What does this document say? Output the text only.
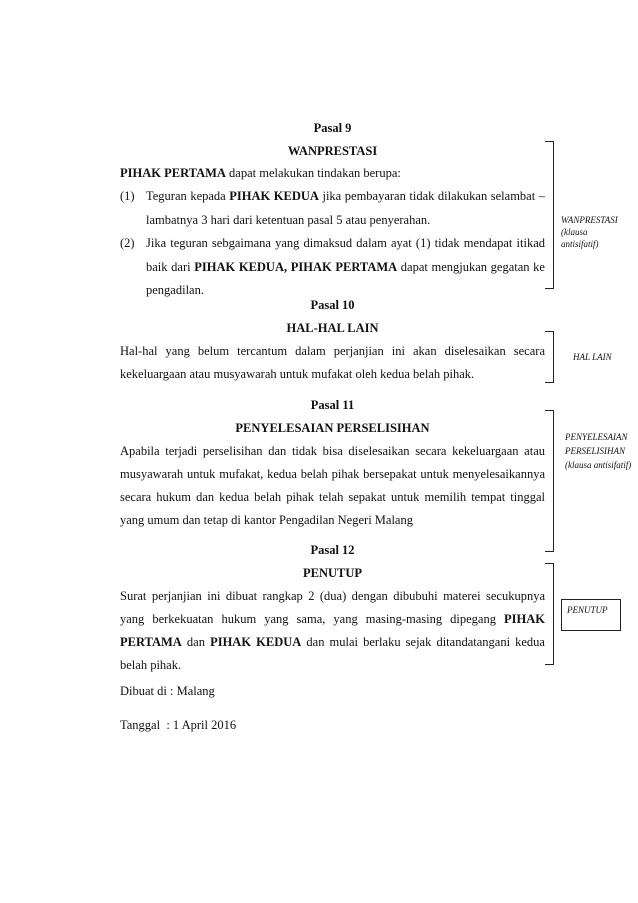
Pasal 9
WANPRESTASI
PIHAK PERTAMA dapat melakukan tindakan berupa:
(1) Teguran kepada PIHAK KEDUA jika pembayaran tidak dilakukan selambat – lambatnya 3 hari dari ketentuan pasal 5 atau penyerahan.
(2) Jika teguran sebgaimana yang dimaksud dalam ayat (1) tidak mendapat itikad baik dari PIHAK KEDUA, PIHAK PERTAMA dapat mengjukan gegatan ke pengadilan.
Pasal 10
HAL-HAL LAIN
Hal-hal yang belum tercantum dalam perjanjian ini akan diselesaikan secara kekeluargaan atau musyawarah untuk mufakat oleh kedua belah pihak.
Pasal 11
PENYELESAIAN PERSELISIHAN
Apabila terjadi perselisihan dan tidak bisa diselesaikan secara kekeluargaan atau musyawarah untuk mufakat, kedua belah pihak bersepakat untuk menyelesaikannya secara hukum dan kedua belah pihak telah sepakat untuk memilih tempat tinggal yang umum dan tetap di kantor Pengadilan Negeri Malang
Pasal 12
PENUTUP
Surat perjanjian ini dibuat rangkap 2 (dua) dengan dibubuhi materei secukupnya yang berkekuatan hukum yang sama, yang masing-masing dipegang PIHAK PERTAMA dan PIHAK KEDUA dan mulai berlaku sejak ditandatangani kedua belah pihak.
Dibuat di : Malang
Tanggal  : 1 April 2016
WANPRESTASI
(klausa
antisifatif)
HAL LAIN
PENYELESAIAN
PERSELISIHAN
(klausa antisifatif)
PENUTUP
